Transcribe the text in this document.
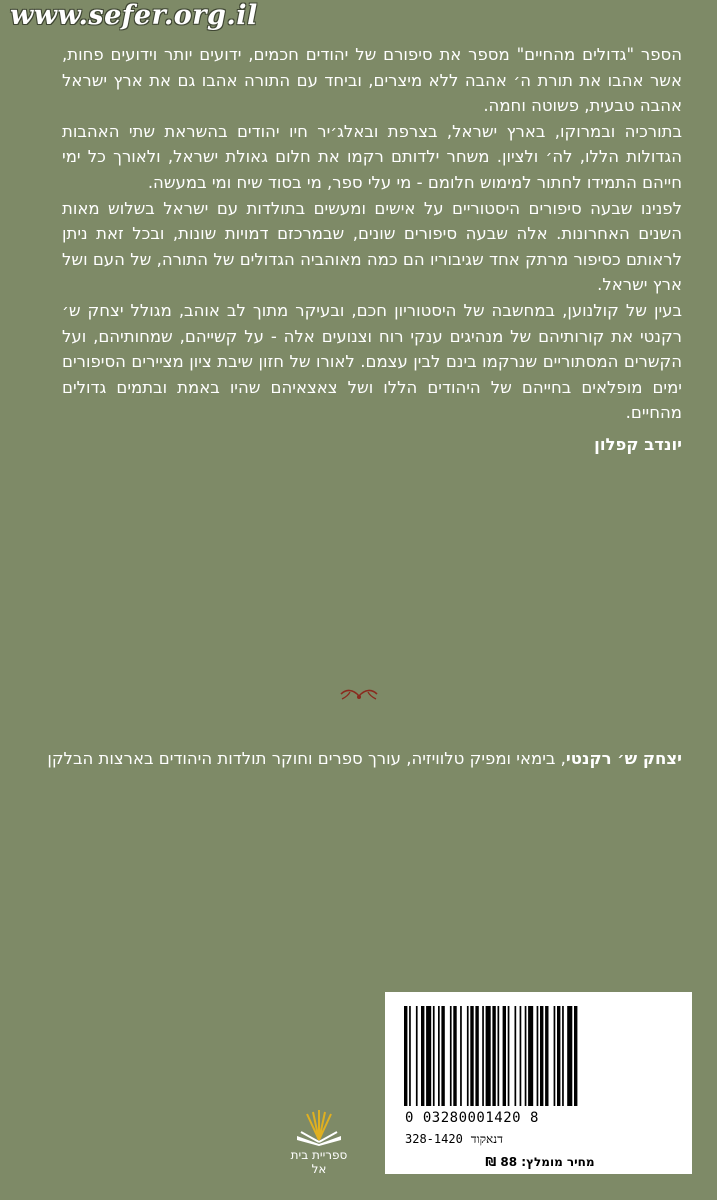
www.sefer.org.il

הספר "גדולים מהחיים" מספר את סיפורם של יהודים חכמים, ידועים יותר וידועים פחות, אשר אהבו את תורת ה׳ אהבה ללא מיצרים, וביחד עם התורה אהבו גם את ארץ ישראל אהבה טבעית, פשוטה וחמה.

בתורכיה ובמרוקו, בארץ ישראל, בצרפת ובאלג׳יר חיו יהודים בהשראת שתי האהבות הגדולות הללו, לה׳ ולציון. משחר ילדותם רקמו את חלום גאולת ישראל, ולאורך כל ימי חייהם התמידו לחתור למימוש חלומם - מי עלי ספר, מי בסוד שיח ומי במעשה.

לפנינו שבעה סיפורים היסטוריים על אישים ומעשים בתולדות עם ישראל בשלוש מאות השנים האחרונות. אלה שבעה סיפורים שונים, שבמרכזם דמויות שונות, ובכל זאת ניתן לראותם כסיפור מרתק אחד שגיבוריו הם כמה מאוהביה הגדולים של התורה, של העם ושל ארץ ישראל.

בעין של קולנוען, במחשבה של היסטוריון חכם, ובעיקר מתוך לב אוהב, מגולל יצחק ש׳ רקנטי את קורותיהם של מנהיגים ענקי רוח וצנועים אלה - על קשייהם, שמחותיהם, ועל הקשרים המסתוריים שנרקמו בינם לבין עצמם. לאורו של חזון שיבת ציון מציירים הסיפורים ימים מופלאים בחייהם של היהודים הללו ושל צאצאיהם שהיו באמת ובתמים גדולים מהחיים.

יונדב קפלון

יצחק ש׳ רקנטי, בימאי ומפיק טלוויזיה, עורך ספרים וחוקר תולדות היהודים בארצות הבלקן
0 03280001420 8
328-1420 דנאקוד
מחיר מומלץ: 88 ₪
ספריית בית אל
